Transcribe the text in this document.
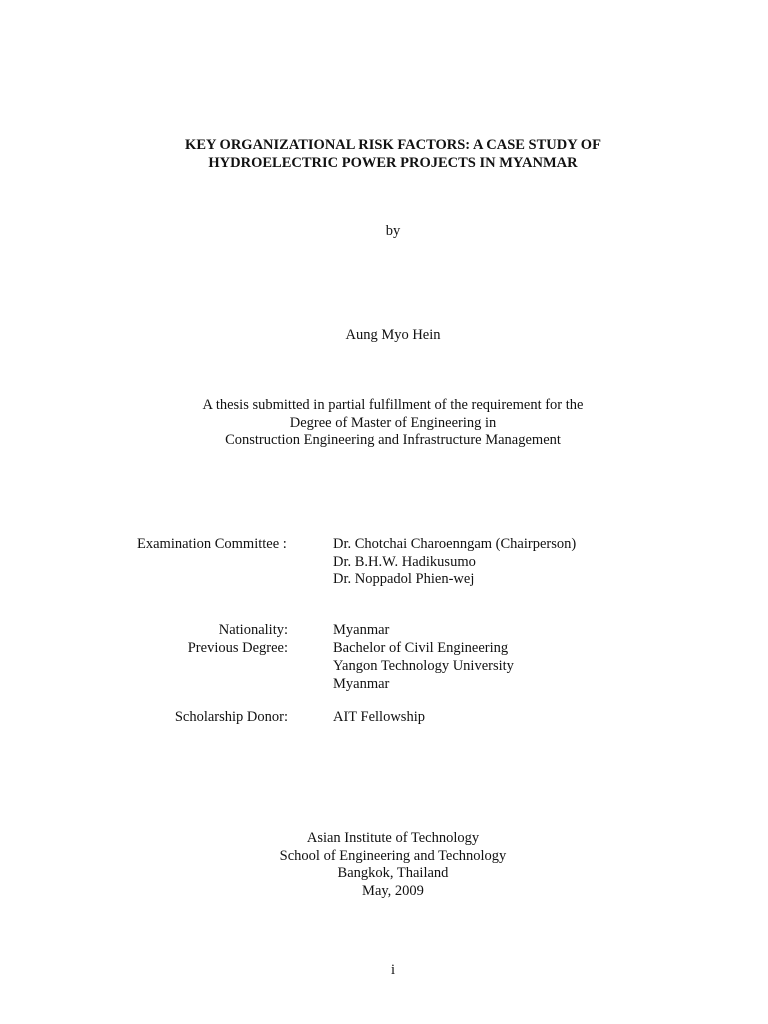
KEY ORGANIZATIONAL RISK FACTORS: A CASE STUDY OF
HYDROELECTRIC POWER PROJECTS IN MYANMAR

by

Aung Myo Hein

A thesis submitted in partial fulfillment of the requirement for the
Degree of Master of Engineering in
Construction Engineering and Infrastructure Management

Examination Committee :	Dr. Chotchai Charoenngam (Chairperson)
Dr. B.H.W. Hadikusumo
Dr. Noppadol Phien-wej
Nationality:	Myanmar
Previous Degree:	Bachelor of Civil Engineering
Yangon Technology University
Myanmar
Scholarship Donor:	AIT Fellowship

Asian Institute of Technology
School of Engineering and Technology
Bangkok, Thailand
May, 2009

i
